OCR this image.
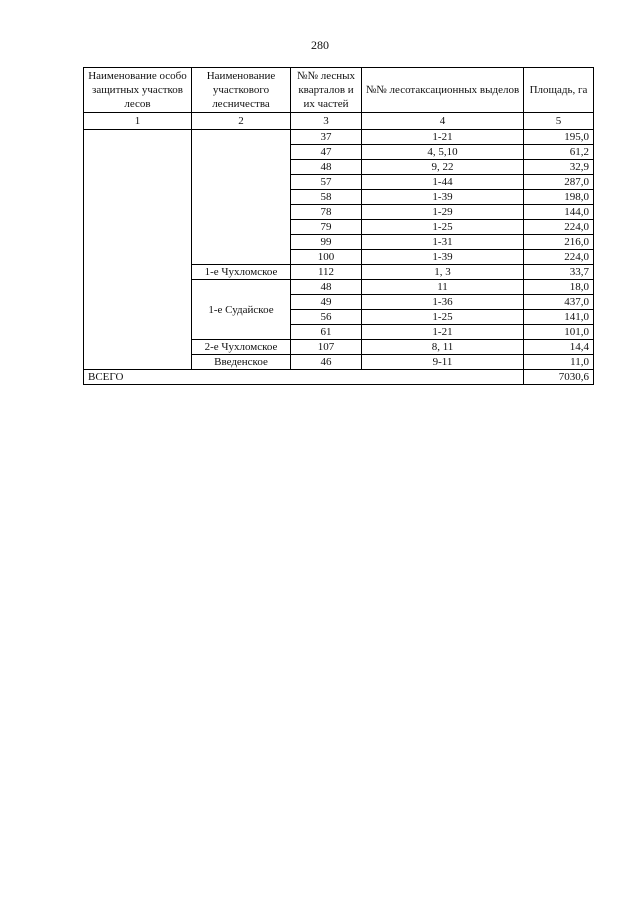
280
Наименование особо защитных участков лесов	Наименование участкового лесничества	№№ лесных кварталов и их частей	№№ лесотаксационных выделов	Площадь, га
1	2	3	4	5
		37	1-21	195,0
		47	4, 5,10	61,2
		48	9, 22	32,9
		57	1-44	287,0
		58	1-39	198,0
		78	1-29	144,0
		79	1-25	224,0
		99	1-31	216,0
		100	1-39	224,0
	1-е Чухломское	112	1, 3	33,7
	1-е Судайское	48	11	18,0
		49	1-36	437,0
		56	1-25	141,0
		61	1-21	101,0
	2-е Чухломское	107	8, 11	14,4
	Введенское	46	9-11	11,0
ВСЕГО				7030,6
